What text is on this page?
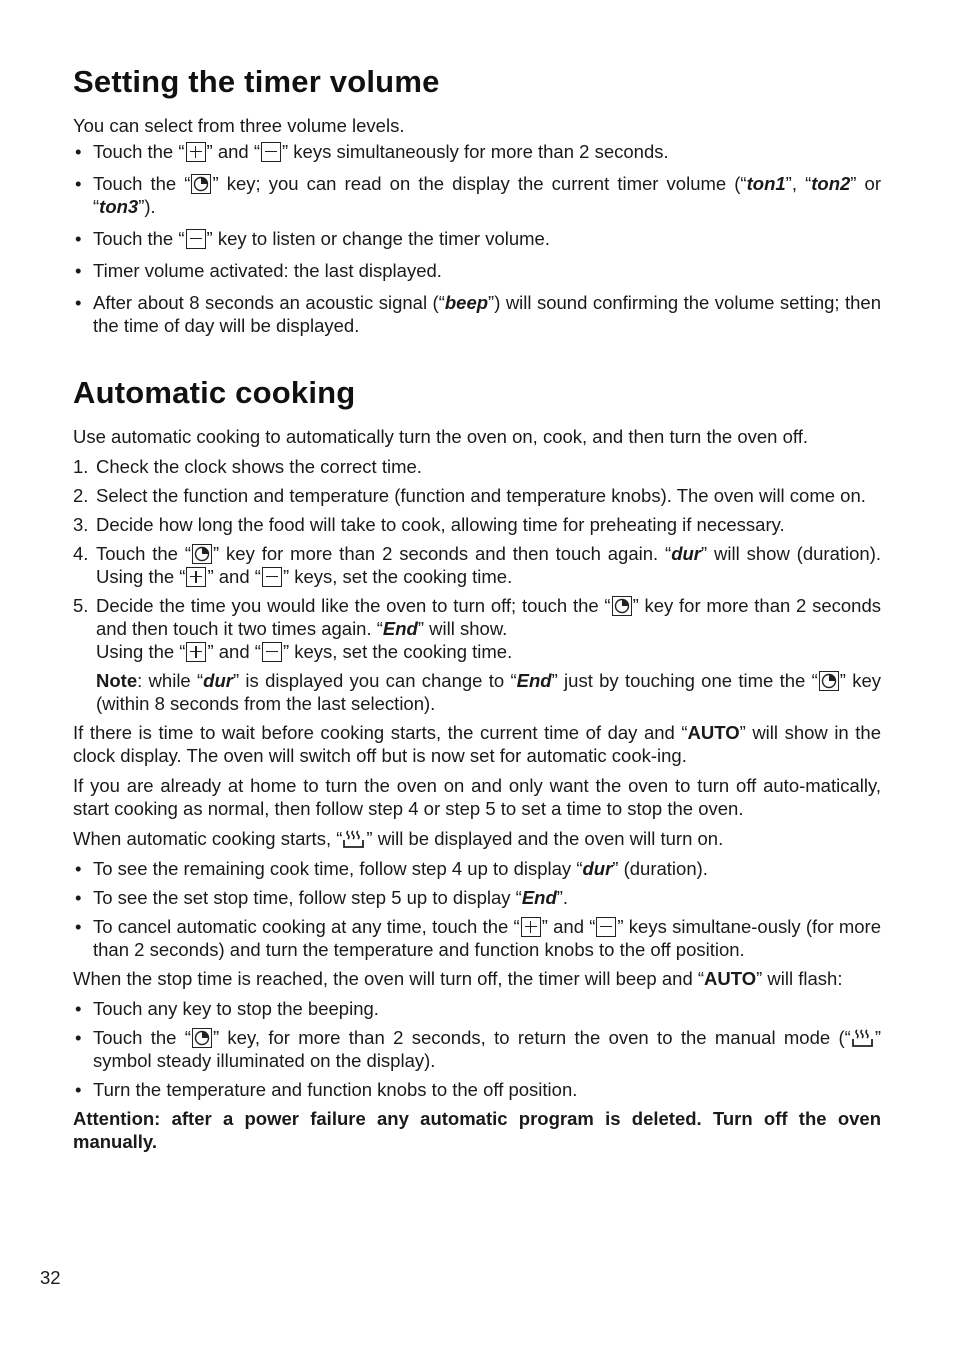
Setting the timer volume

You can select from three volume levels.

• Touch the “ ” and “ ” keys simultaneously for more than 2 seconds.
• Touch the “ ” key; you can read on the display the current timer volume (“ton1”, “ton2” or “ton3”).
• Touch the “ ” key to listen or change the timer volume.
• Timer volume activated: the last displayed.
• After about 8 seconds an acoustic signal (“beep”) will sound confirming the volume setting; then the time of day will be displayed.
Automatic cooking

Use automatic cooking to automatically turn the oven on, cook, and then turn the oven off.

1. Check the clock shows the correct time.
2. Select the function and temperature (function and temperature knobs). The oven will come on.
3. Decide how long the food will take to cook, allowing time for preheating if necessary.
4. Touch the “ ” key for more than 2 seconds and then touch again. “dur” will show (duration). Using the “ ” and “ ” keys, set the cooking time.
5. Decide the time you would like the oven to turn off; touch the “ ” key for more than 2 seconds and then touch it two times again. “End” will show.
Using the “ ” and “ ” keys, set the cooking time.
Note: while “dur” is displayed you can change to “End” just by touching one time the “ ” key (within 8 seconds from the last selection).

If there is time to wait before cooking starts, the current time of day and “AUTO” will show in the clock display. The oven will switch off but is now set for automatic cook-ing.

If you are already at home to turn the oven on and only want the oven to turn off auto-matically, start cooking as normal, then follow step 4 or step 5 to set a time to stop the oven.

When automatic cooking starts, “ ” will be displayed and the oven will turn on.

• To see the remaining cook time, follow step 4 up to display “dur” (duration).
• To see the set stop time, follow step 5 up to display “End”.
• To cancel automatic cooking at any time, touch the “ ” and “ ” keys simultane-ously (for more than 2 seconds) and turn the temperature and function knobs to the off position.

When the stop time is reached, the oven will turn off, the timer will beep and “AUTO” will flash:

• Touch any key to stop the beeping.
• Touch the “ ” key, for more than 2 seconds, to return the oven to the manual mode (“ ” symbol steady illuminated on the display).
• Turn the temperature and function knobs to the off position.

Attention: after a power failure any automatic program is deleted. Turn off the oven manually.

32
